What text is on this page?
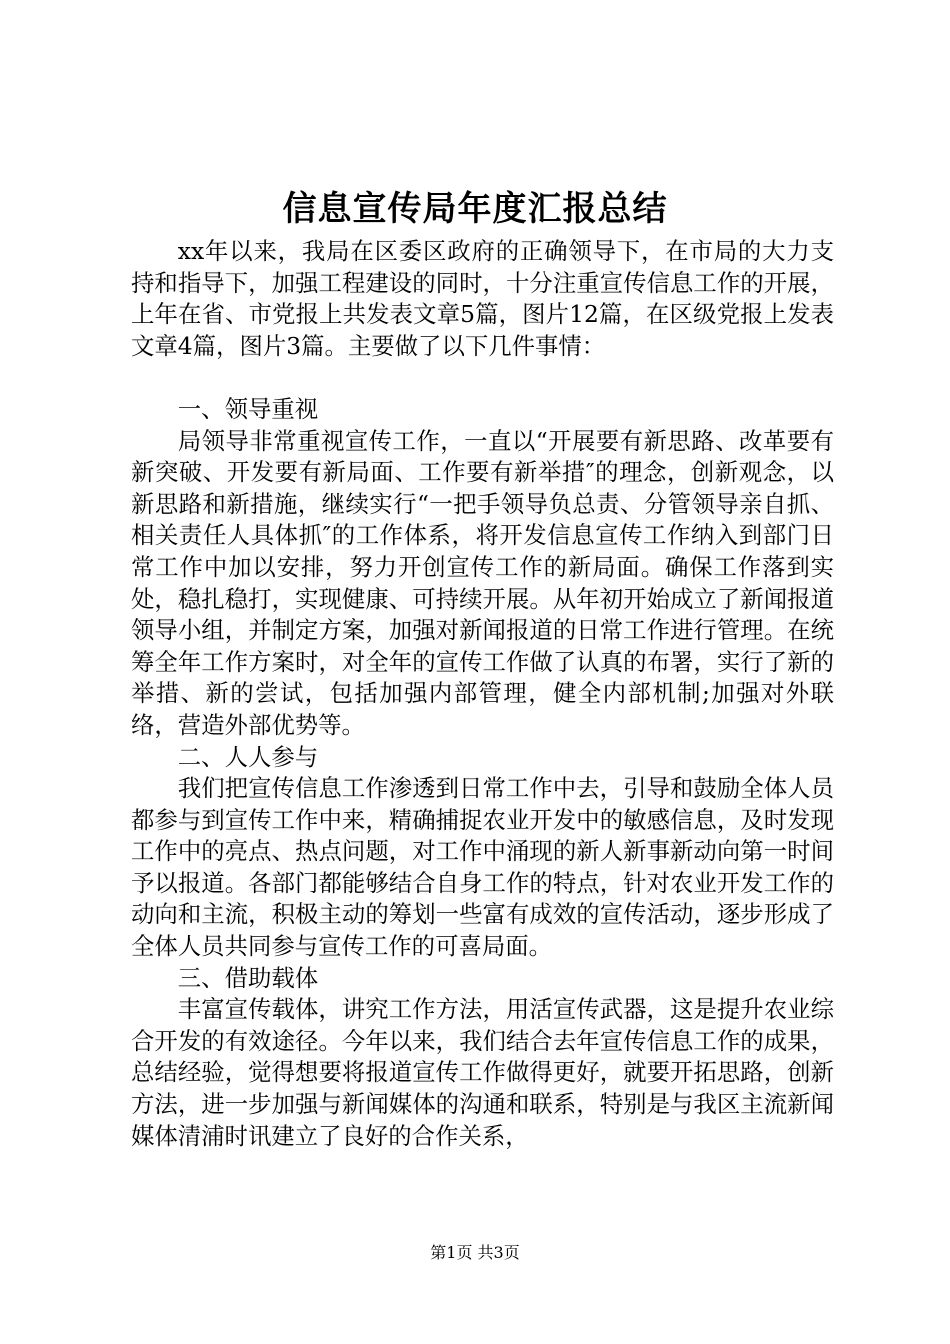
信息宣传局年度汇报总结

xx年以来，我局在区委区政府的正确领导下，在市局的大力支持和指导下，加强工程建设的同时，十分注重宣传信息工作的开展，上年在省、市党报上共发表文章5篇，图片12篇，在区级党报上发表文章4篇，图片3篇。主要做了以下几件事情：

一、领导重视

局领导非常重视宣传工作，一直以“开展要有新思路、改革要有新突破、开发要有新局面、工作要有新举措″的理念，创新观念，以新思路和新措施，继续实行“一把手领导负总责、分管领导亲自抓、相关责任人具体抓″的工作体系，将开发信息宣传工作纳入到部门日常工作中加以安排，努力开创宣传工作的新局面。确保工作落到实处，稳扎稳打，实现健康、可持续开展。从年初开始成立了新闻报道领导小组，并制定方案，加强对新闻报道的日常工作进行管理。在统筹全年工作方案时，对全年的宣传工作做了认真的布署，实行了新的举措、新的尝试，包括加强内部管理，健全内部机制;加强对外联络，营造外部优势等。

二、人人参与

我们把宣传信息工作渗透到日常工作中去，引导和鼓励全体人员都参与到宣传工作中来，精确捕捉农业开发中的敏感信息，及时发现工作中的亮点、热点问题，对工作中涌现的新人新事新动向第一时间予以报道。各部门都能够结合自身工作的特点，针对农业开发工作的动向和主流，积极主动的筹划一些富有成效的宣传活动，逐步形成了全体人员共同参与宣传工作的可喜局面。

三、借助载体

丰富宣传载体，讲究工作方法，用活宣传武器，这是提升农业综合开发的有效途径。今年以来，我们结合去年宣传信息工作的成果，总结经验，觉得想要将报道宣传工作做得更好，就要开拓思路，创新方法，进一步加强与新闻媒体的沟通和联系，特别是与我区主流新闻媒体清浦时讯建立了良好的合作关系，

第1页 共3页
